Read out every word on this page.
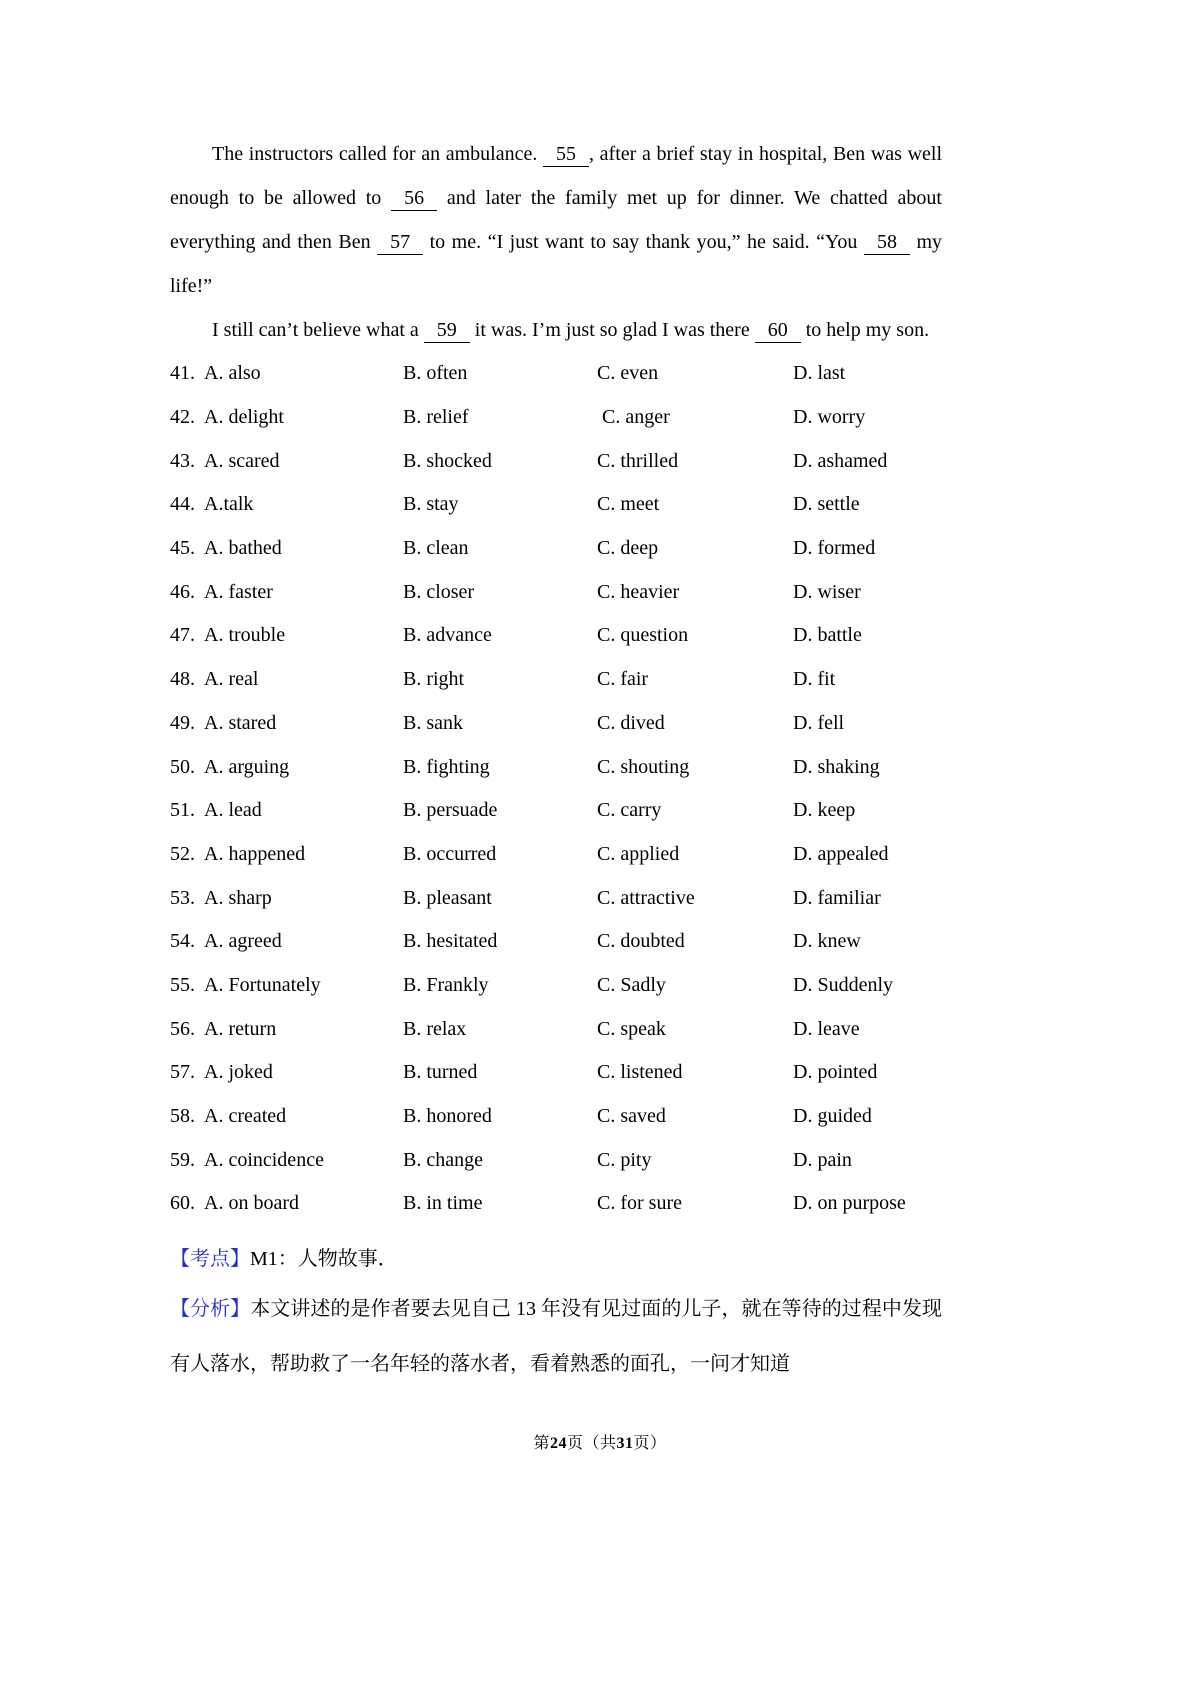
The instructors called for an ambulance. 55 , after a brief stay in hospital, Ben was well enough to be allowed to 56 and later the family met up for dinner. We chatted about everything and then Ben 57 to me. “I just want to say thank you,” he said. “You 58 my life!”

I still can’t believe what a 59 it was. I’m just so glad I was there 60 to help my son.

41. A. also	B. often	C. even	D. last
42. A. delight	B. relief	C. anger	D. worry
43. A. scared	B. shocked	C. thrilled	D. ashamed
44. A.talk	B. stay	C. meet	D. settle
45. A. bathed	B. clean	C. deep	D. formed
46. A. faster	B. closer	C. heavier	D. wiser
47. A. trouble	B. advance	C. question	D. battle
48. A. real	B. right	C. fair	D. fit
49. A. stared	B. sank	C. dived	D. fell
50. A. arguing	B. fighting	C. shouting	D. shaking
51. A. lead	B. persuade	C. carry	D. keep
52. A. happened	B. occurred	C. applied	D. appealed
53. A. sharp	B. pleasant	C. attractive	D. familiar
54. A. agreed	B. hesitated	C. doubted	D. knew
55. A. Fortunately	B. Frankly	C. Sadly	D. Suddenly
56. A. return	B. relax	C. speak	D. leave
57. A. joked	B. turned	C. listened	D. pointed
58. A. created	B. honored	C. saved	D. guided
59. A. coincidence	B. change	C. pity	D. pain
60. A. on board	B. in time	C. for sure	D. on purpose

【考点】M1：人物故事．

【分析】本文讲述的是作者要去见自己 13 年没有见过面的儿子，就在等待的过程中发现有人落水，帮助救了一名年轻的落水者，看着熟悉的面孔，一问才知道

第24页（共31页）
